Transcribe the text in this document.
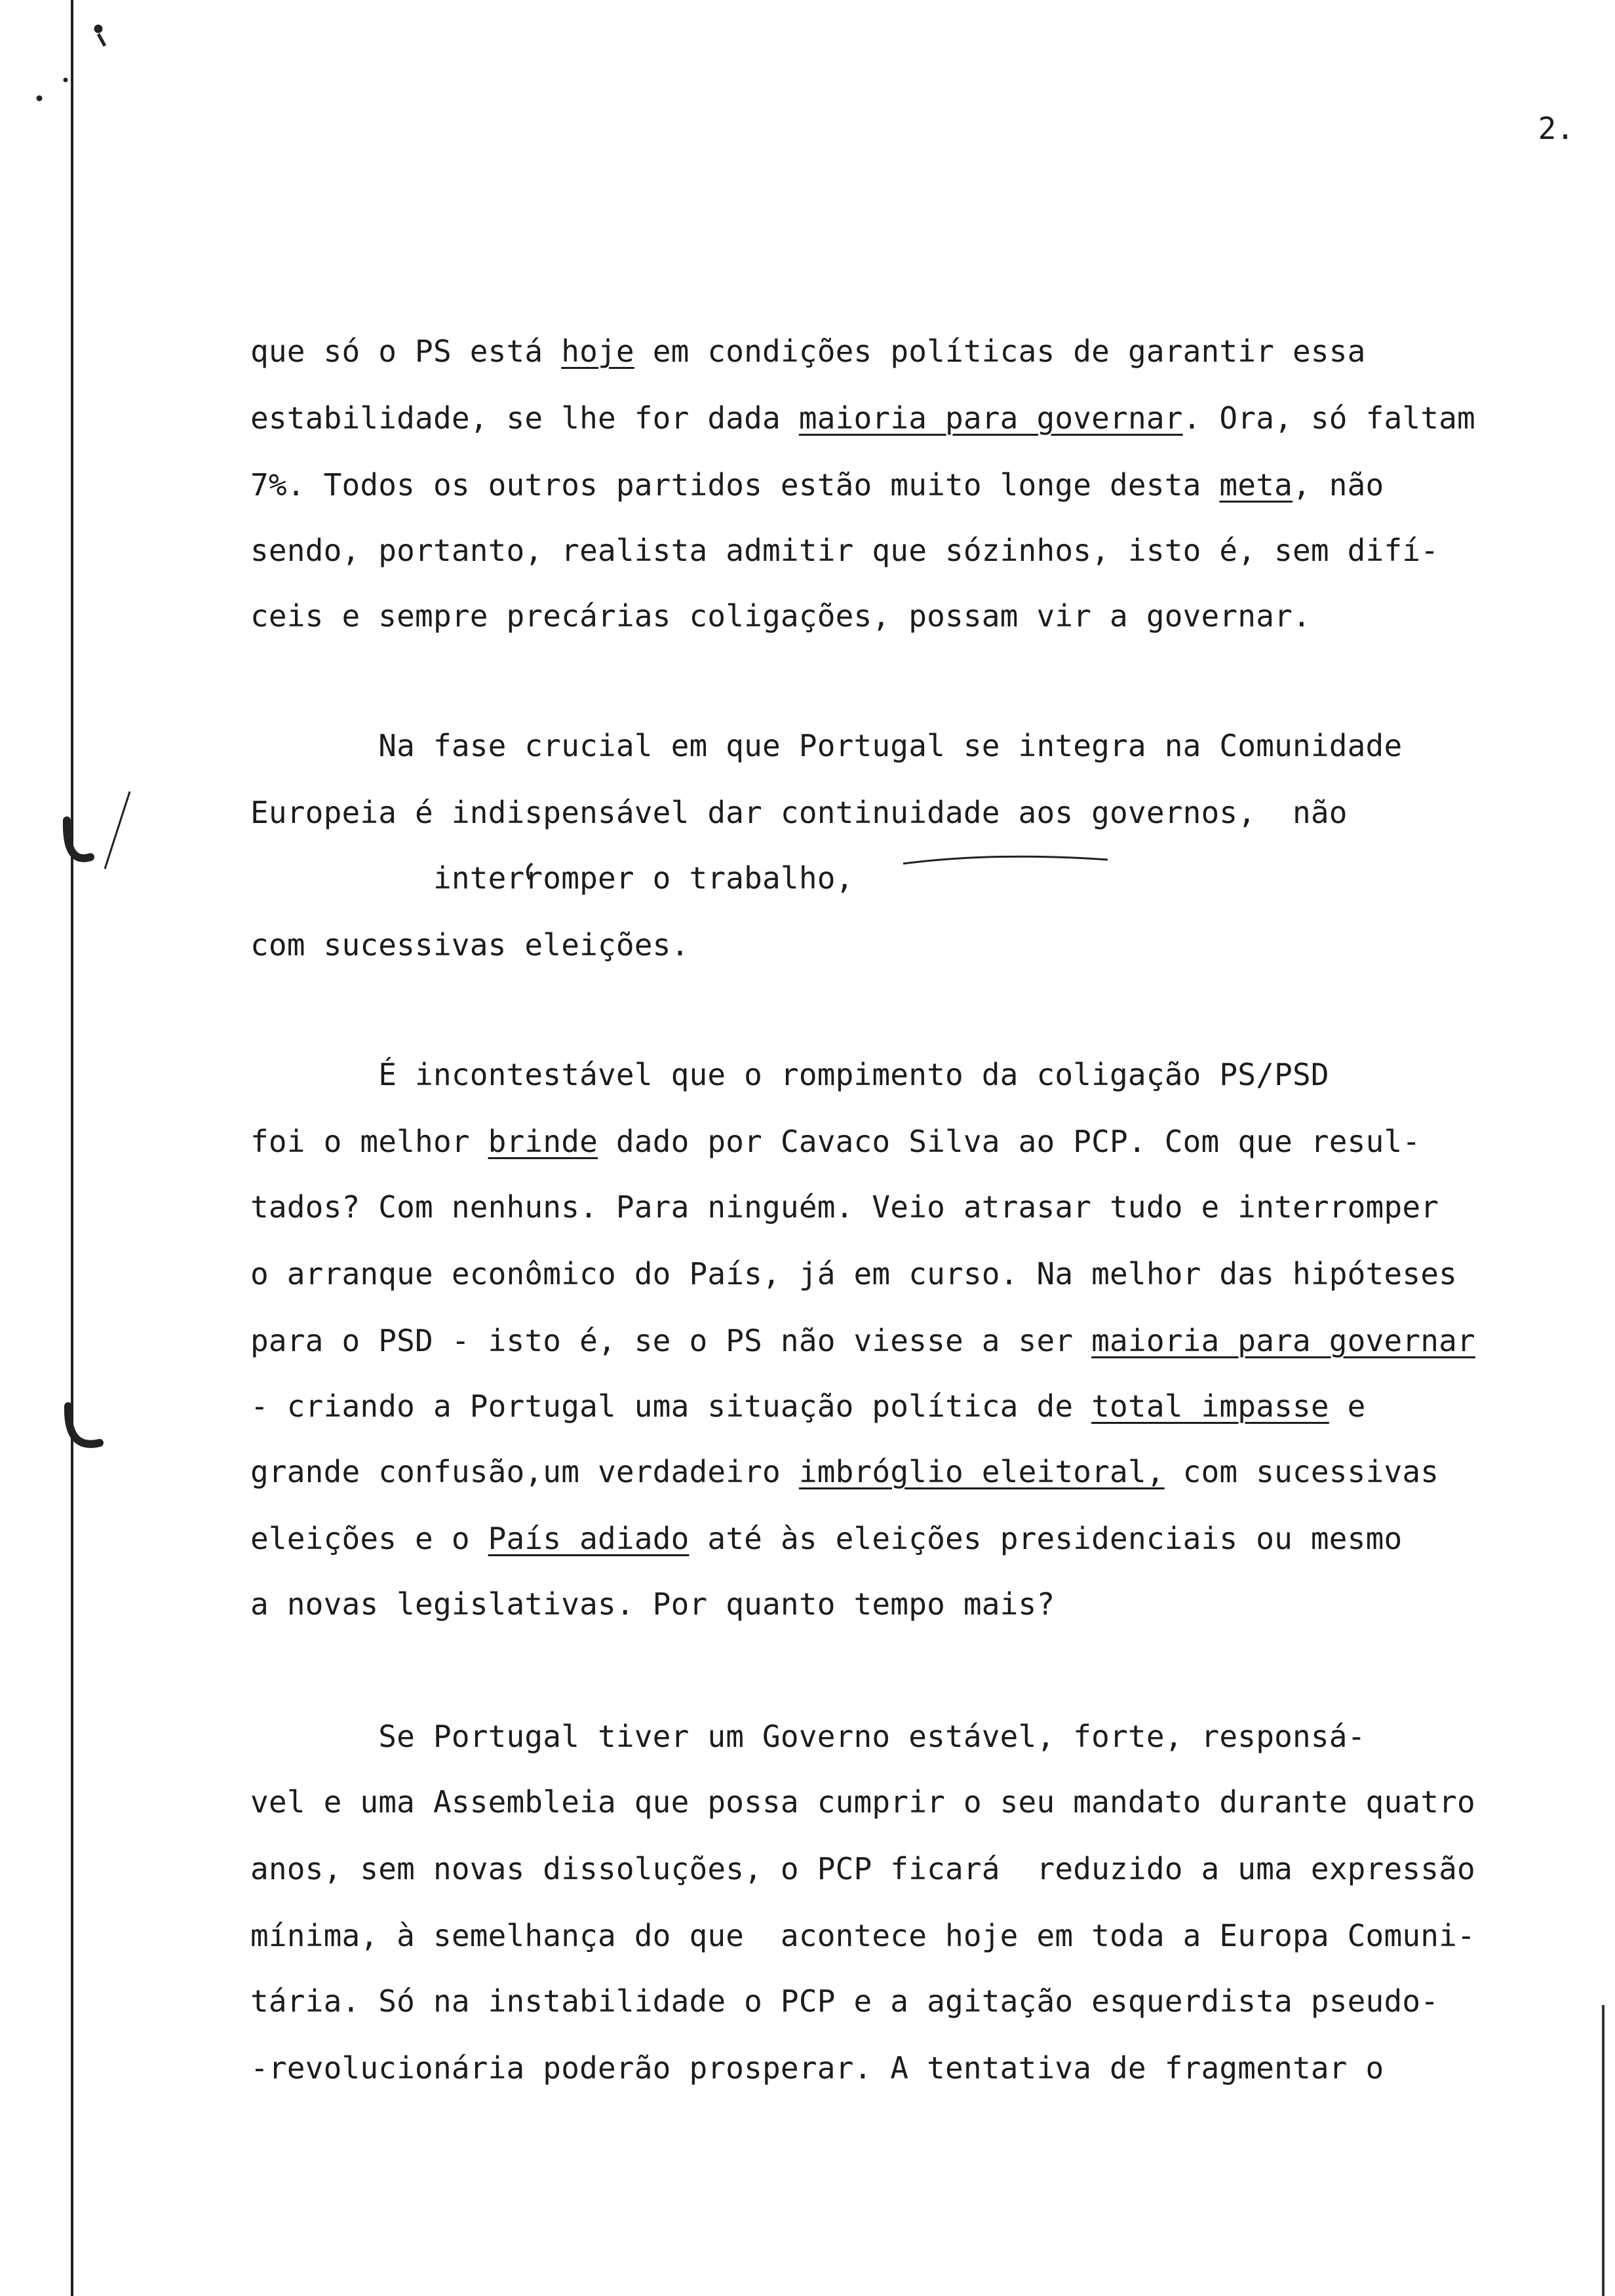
2.
que só o PS está hoje em condições políticas de garantir essa
estabilidade, se lhe for dada maioria para governar. Ora, só faltam
7%. Todos os outros partidos estão muito longe desta meta, não
sendo, portanto, realista admitir que sózinhos, isto é, sem difí-
ceis e sempre precárias coligações, possam vir a governar.
Na fase crucial em que Portugal se integra na Comunidade
Europeia é indispensável dar continuidade aos governos,  não
interromper o trabalho,
com sucessivas eleições.
É incontestável que o rompimento da coligação PS/PSD
foi o melhor brinde dado por Cavaco Silva ao PCP. Com que resul-
tados? Com nenhuns. Para ninguém. Veio atrasar tudo e interromper
o arranque econômico do País, já em curso. Na melhor das hipóteses
para o PSD - isto é, se o PS não viesse a ser maioria para governar
- criando a Portugal uma situação política de total impasse e
grande confusão,um verdadeiro imbróglio eleitoral, com sucessivas
eleições e o País adiado até às eleições presidenciais ou mesmo
a novas legislativas. Por quanto tempo mais?
Se Portugal tiver um Governo estável, forte, responsá-
vel e uma Assembleia que possa cumprir o seu mandato durante quatro
anos, sem novas dissoluções, o PCP ficará  reduzido a uma expressão
mínima, à semelhança do que  acontece hoje em toda a Europa Comuni-
tária. Só na instabilidade o PCP e a agitação esquerdista pseudo-
-revolucionária poderão prosperar. A tentativa de fragmentar o
